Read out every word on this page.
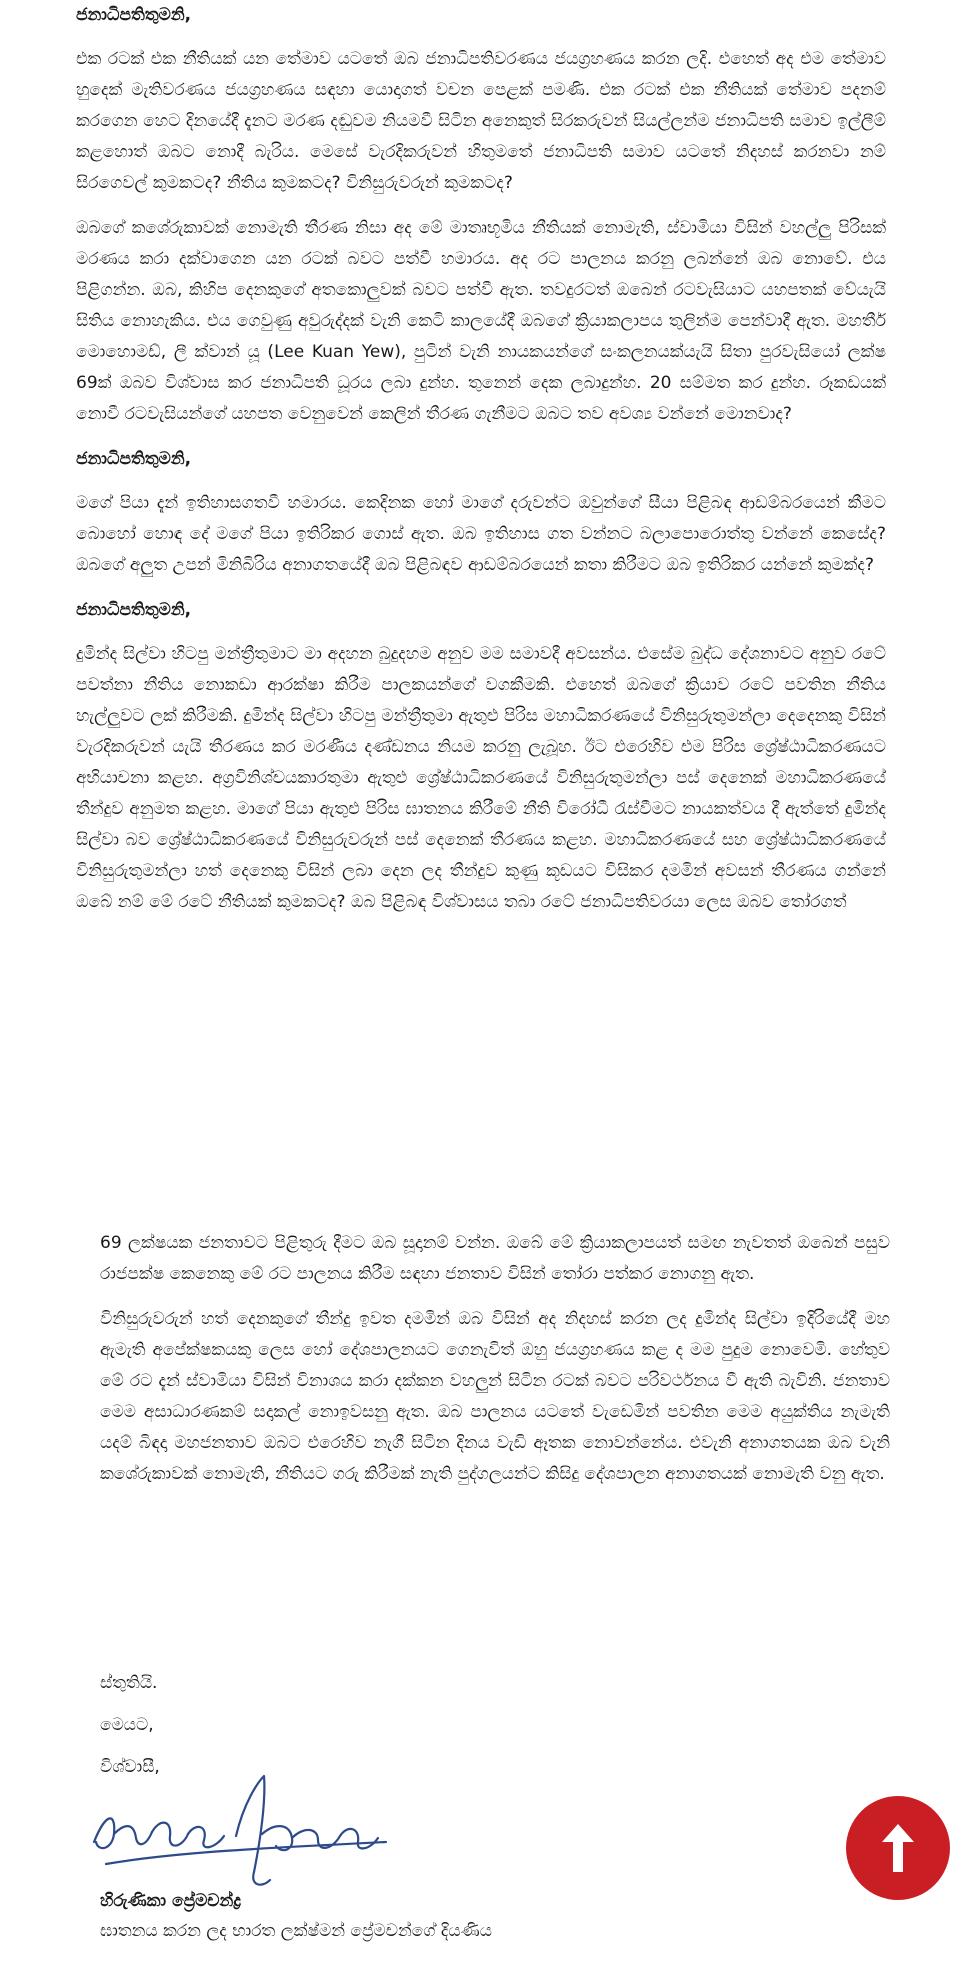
ජනාධිපතිතුමනි,
එක රටක් එක නීතියක් යන තේමාව යටතේ ඔබ ජනාධිපතිවරණය ජයග්‍රහණය කරන ලදි. එහෙත් අද එම තේමාව හුදෙක් මැතිවරණය ජයග්‍රහණය සඳහා යොදාගත් වචන පෙළක් පමණි. එක රටක් එක නීතියක් තේමාව පදනම් කරගෙන හෙට දිනයේදී දැනට මරණ දඬුවම නියමවී සිටින අනෙකුත් සිරකරුවන් සියල්ලන්ම ජනාධිපති සමාව ඉල්ලීම් කළහොත් ඔබට නොදී බැරිය. මෙසේ වැරදිකරුවන් හිතුමතේ ජනාධිපති සමාව යටතේ නිදහස් කරනවා නම් සිරගෙවල් කුමකටද? නීතිය කුමකටද? විනිසුරුවරුන් කුමකටද?
ඔබගේ කශේරුකාවක් නොමැති තීරණ නිසා අද මේ මාතෘභූමිය නීතියක් නොමැති, ස්වාමියා විසින් වහල්ලු පිරිසක් මරණය කරා දක්වාගෙන යන රටක් බවට පත්වී හමාරය. අද රට පාලනය කරනු ලබන්නේ ඔබ නොවේ. එය පිළිගන්න. ඔබ, කිහිප දෙනකුගේ අතකොලුවක් බවට පත්වී ඇත. තවදුරටත් ඔබෙන් රටවැසියාට යහපතක් වේයැයි සිතිය නොහැකිය. එය ගෙවුණු අවුරුද්දක් වැනි කෙටි කාලයේදී ඔබගේ ක්‍රියාකලාපය තුලින්ම පෙන්වාදී ඇත. මහතීර් මොහොමඩ්, ලී ක්වාන් යූ (Lee Kuan Yew), පුටින් වැනි නායකයන්ගේ සංකලනයක්යැයි සිතා පුරවැසියෝ ලක්ෂ 69ක් ඔබව විශ්වාස කර ජනාධිපති ධූරය ලබා දුන්හ. තුනෙන් දෙක ලබාදුන්හ. 20 සම්මත කර දුන්හ. රූකඩයක් නොවී රටවැසියන්ගේ යහපත වෙනුවෙන් කෙලින් තීරණ ගැනීමට ඔබට තව අවශ්‍ය වන්නේ මොනවාද?
ජනාධිපතිතුමනි,
මගේ පියා දැන් ඉතිහාසගතවී හමාරය. කෙදිනක හෝ මාගේ දරුවන්ට ඔවුන්ගේ සීයා පිළිබඳ ආඩම්බරයෙන් කීමට බොහෝ හොඳ දේ මගේ පියා ඉතිරිකර ගොස් ඇත. ඔබ ඉතිහාස ගත වන්නට බලාපොරොත්තු වන්නේ කෙසේද? ඔබගේ අලුත උපන් මිනිබිරිය අනාගතයේදී ඔබ පිළිබඳව ආඩම්බරයෙන් කතා කිරීමට ඔබ ඉතිරිකර යන්නේ කුමක්ද?
ජනාධිපතිතුමනි,
දුමින්ද සිල්වා හිටපු මන්ත්‍රීතුමාට මා අදහන බුදුදහම අනුව මම සමාවදී අවසන්ය. එසේම බුද්ධ දේශනාවට අනුව රටේ පවත්නා නීතිය නොකඩා ආරක්ෂා කිරීම පාලකයන්ගේ වගකීමකි. එහෙත් ඔබගේ ක්‍රියාව රටේ පවතින නීතිය හැල්ලුවට ලක් කිරීමකි. දුමින්ද සිල්වා හිටපු මන්ත්‍රීතුමා ඇතුළු පිරිස මහාධිකරණයේ විනිසුරුතුමන්ලා දෙදෙනකු විසින් වැරදිකරුවන් යැයි තීරණය කර මරණීය දණ්ඩනය නියම කරනු ලැබූහ. ඊට එරෙහිව එම පිරිස ශ්‍රේෂ්ඨාධිකරණයට අභියාචනා කළහ. අග්‍රවිනිශ්චයකාරතුමා ඇතුළු ශ්‍රේෂ්ඨාධිකරණයේ විනිසුරුතුමන්ලා පස් දෙනෙක් මහාධිකරණයේ තීන්දුව අනුමත කළහ. මාගේ පියා ඇතුළු පිරිස ඝාතනය කිරීමේ නීති විරෝධී රැස්වීමට නායකත්වය දී ඇත්තේ දුමින්ද සිල්වා බව ශ්‍රේෂ්ඨාධිකරණයේ විනිසුරුවරුන් පස් දෙනෙක් තීරණය කළහ. මහාධිකරණයේ සහ ශ්‍රේෂ්ඨාධිකරණයේ විනිසුරුතුමන්ලා හත් දෙනෙකු විසින් ලබා දෙන ලද තීන්දුව කුණු කූඩයට විසිකර දමමින් අවසන් තීරණය ගන්නේ ඔබේ නම් මේ රටේ නීතියක් කුමකටද? ඔබ පිළිබඳ විශ්වාසය තබා රටේ ජනාධිපතිවරයා ලෙස ඔබව තෝරගත්
69 ලක්ෂයක ජනතාවට පිළිතුරු දීමට ඔබ සූදානම් වන්න. ඔබේ මේ ක්‍රියාකලාපයත් සමඟ නැවතත් ඔබෙන් පසුව රාජපක්ෂ කෙනෙකු මේ රට පාලනය කිරීම සඳහා ජනතාව විසින් තෝරා පත්කර නොගනු ඇත.
විනිසුරුවරුන් හත් දෙනකුගේ තීන්දු ඉවත දමමින් ඔබ විසින් අද නිදහස් කරන ලද දුමින්ද සිල්වා ඉදිරියේදී මහ ඇමැති අපේක්ෂකයකු ලෙස හෝ දේශපාලනයට ගෙනැවිත් ඔහු ජයග්‍රහණය කළ ද මම පුදුම නොවෙමි. හේතුව මේ රට දැන් ස්වාමියා විසින් විනාශය කරා දක්කන වහලුන් සිටින රටක් බවට පරිවර්ථනය වී ඇති බැවිනි. ජනතාව මෙම අසාධාරණකම් සදාකල් නොඉවසනු ඇත. ඔබ පාලනය යටතේ වැඩෙමින් පවතින මෙම අයුක්තිය නැමැති යදම් බිඳදා මහජනතාව ඔබට එරෙහිව නැගී සිටින දිනය වැඩි ඈතක නොවන්නේය. එවැනි අනාගතයක ඔබ වැනි කශේරුකාවක් නොමැති, නීතියට ගරු කිරීමක් නැති පුද්ගලයන්ට කිසිදු දේශපාලන අනාගතයක් නොමැති වනු ඇත.
ස්තුතියි.
මෙයට,
විශ්වාසී,
හිරුණිකා ප්‍රේමචන්ද්‍ර
ඝාතනය කරන ලද භාරත ලක්ෂ්මන් ප්‍රේමචන්ගේ දියණිය
